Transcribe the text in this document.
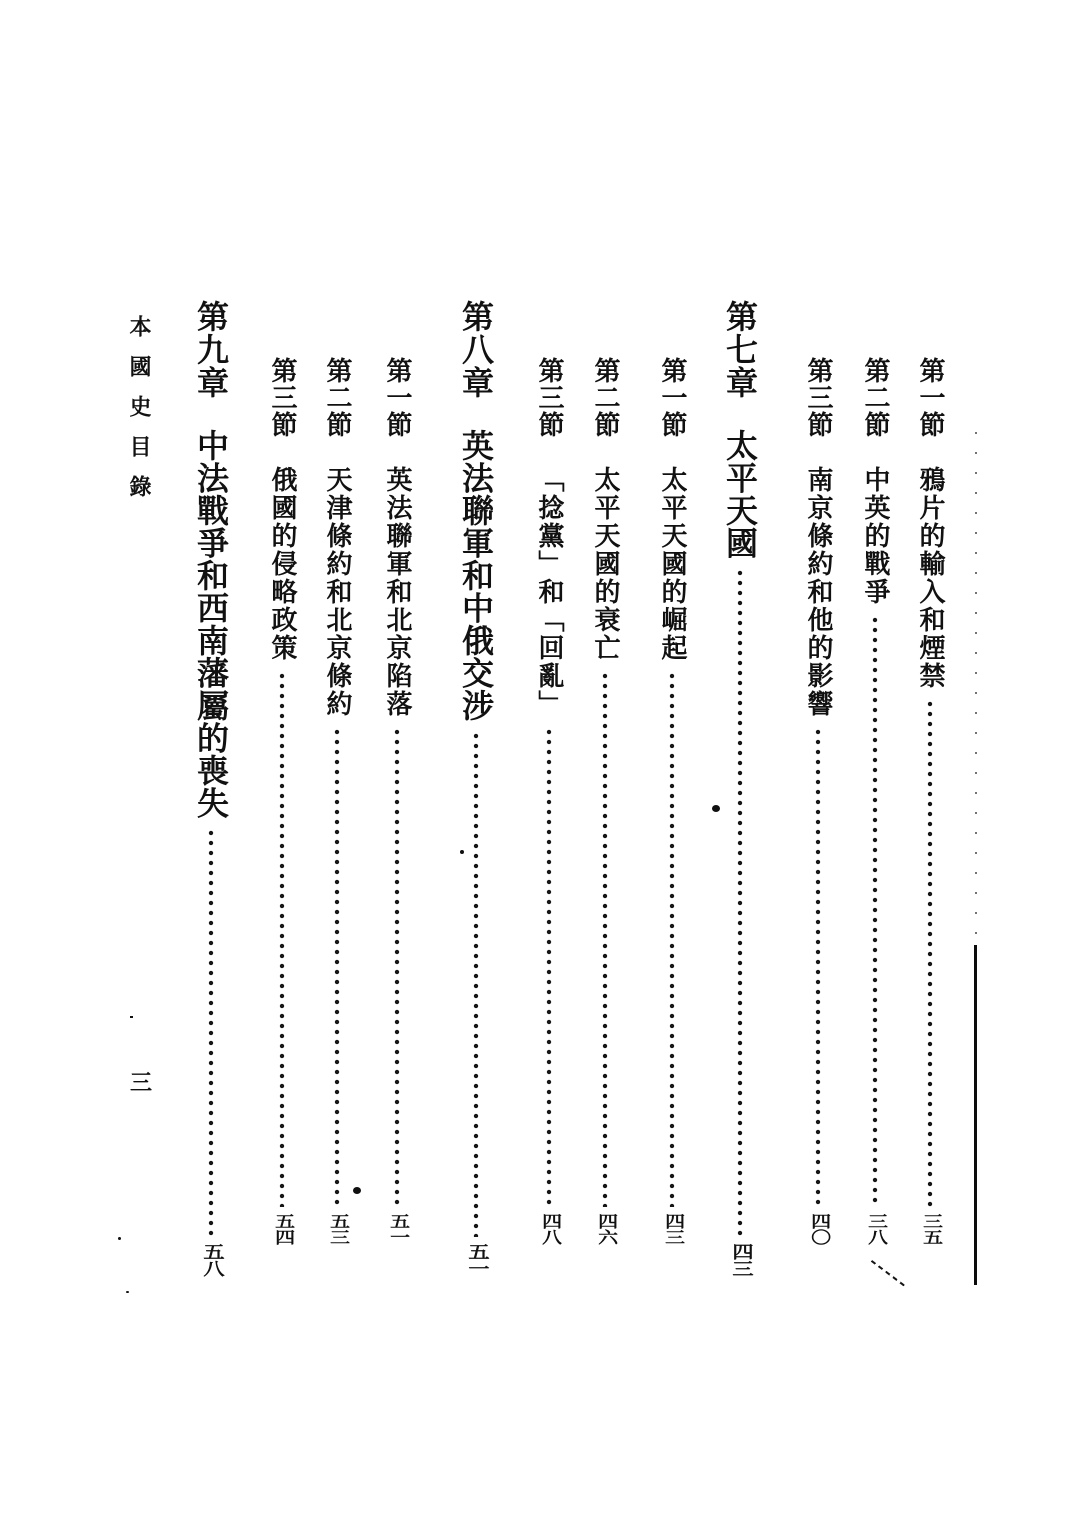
本國史目錄
三
第一節
鴉片的輸入和煙禁
三五
第二節
中英的戰爭
三八
第三節
南京條約和他的影響
四〇
第七章
太平天國
四三
第一節
太平天國的崛起
四三
第二節
太平天國的衰亡
四六
第三節
「捻黨」和「回亂」
四八
第八章
英法聯軍和中俄交涉
五一
第一節
英法聯軍和北京陷落
五一
第二節
天津條約和北京條約
五三
第三節
俄國的侵略政策
五四
第九章
中法戰爭和西南藩屬的喪失
五八
